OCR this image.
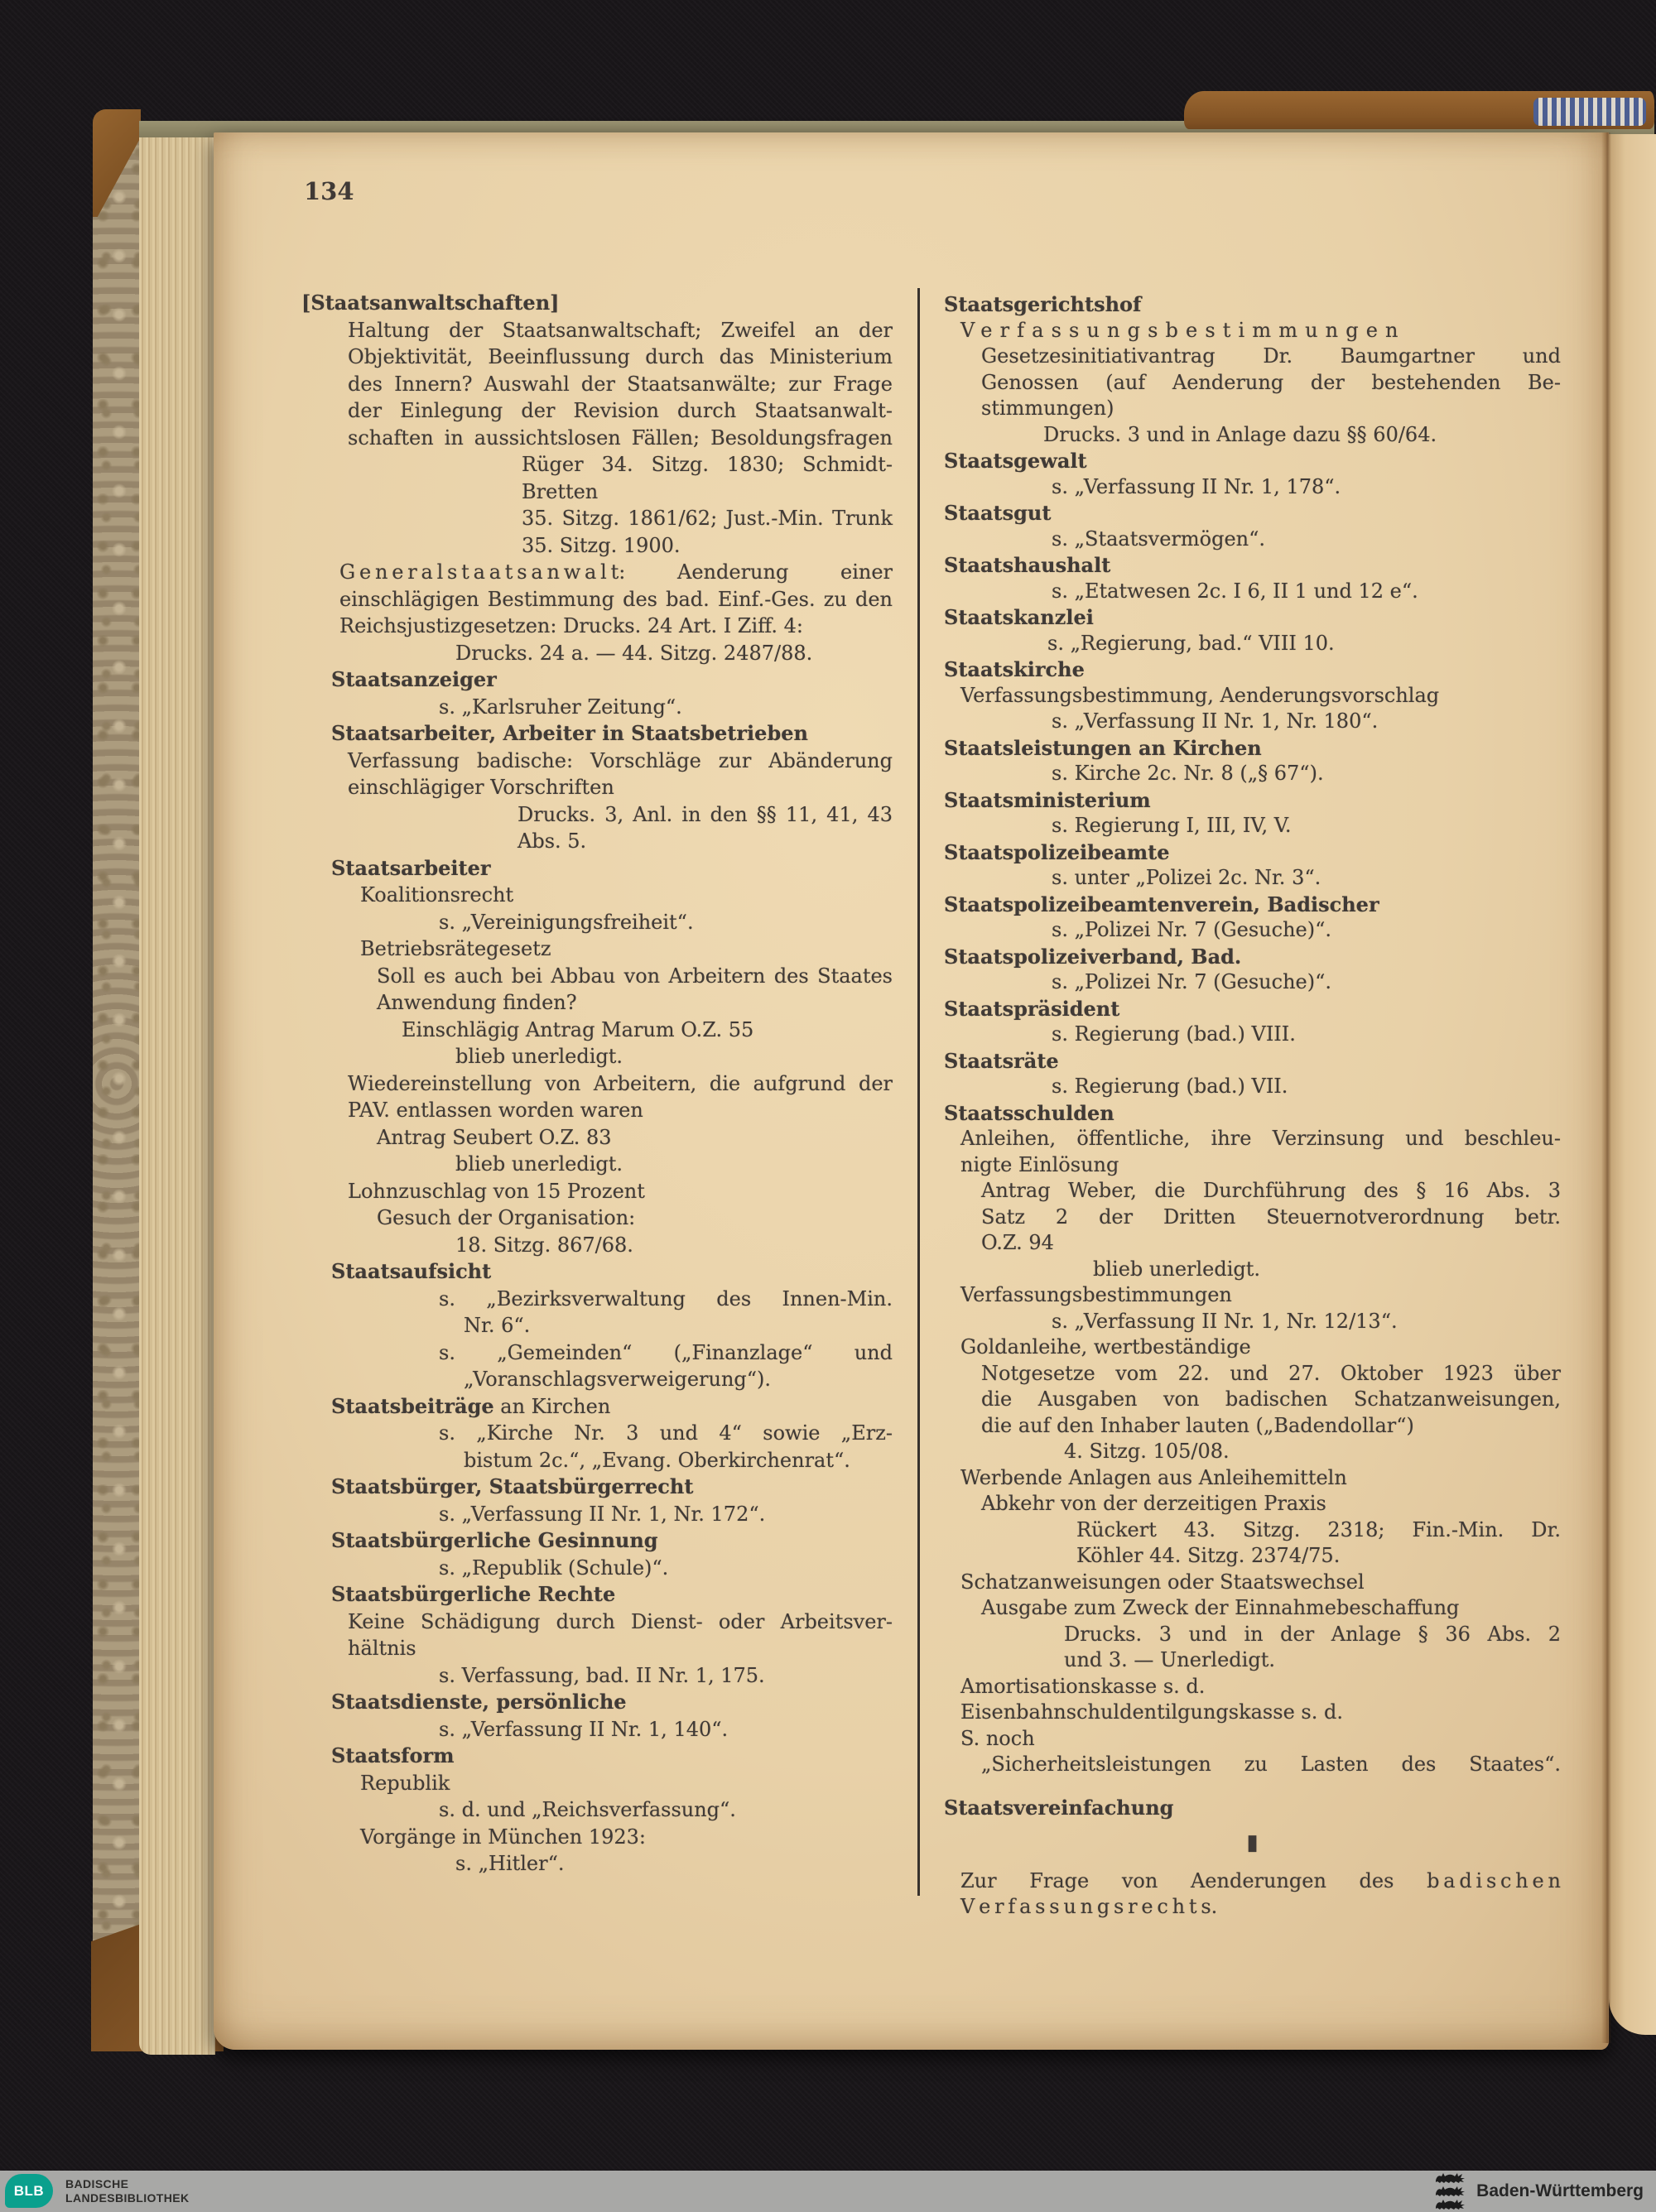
134
[Staatsanwaltschaften]
Haltung der Staatsanwaltschaft; Zweifel an der
Objektivität, Beeinflussung durch das Ministerium
des Innern? Auswahl der Staatsanwälte; zur Frage
der Einlegung der Revision durch Staatsanwalt-
schaften in aussichtslosen Fällen; Besoldungsfragen
Rüger 34. Sitzg. 1830; Schmidt-Bretten
35. Sitzg. 1861/62; Just.-Min. Trunk
35. Sitzg. 1900.
G e n e r a l s t a a t s a n w a l t: Aenderung einer
einschlägigen Bestimmung des bad. Einf.-Ges. zu den
Reichsjustizgesetzen: Drucks. 24 Art. I Ziff. 4:
Drucks. 24 a. — 44. Sitzg. 2487/88.
Staatsanzeiger
s. „Karlsruher Zeitung“.
Staatsarbeiter, Arbeiter in Staatsbetrieben
Verfassung badische: Vorschläge zur Abänderung
einschlägiger Vorschriften
Drucks. 3, Anl. in den §§ 11, 41, 43
Abs. 5.
Staatsarbeiter
Koalitionsrecht
s. „Vereinigungsfreiheit“.
Betriebsrätegesetz
Soll es auch bei Abbau von Arbeitern des Staates
Anwendung finden?
Einschlägig Antrag Marum O.Z. 55
blieb unerledigt.
Wiedereinstellung von Arbeitern, die aufgrund der
PAV. entlassen worden waren
Antrag Seubert O.Z. 83
blieb unerledigt.
Lohnzuschlag von 15 Prozent
Gesuch der Organisation:
18. Sitzg. 867/68.
Staatsaufsicht
s. „Bezirksverwaltung des Innen-Min.
Nr. 6“.
s. „Gemeinden“ („Finanzlage“ und
„Voranschlagsverweigerung“).
Staatsbeiträge an Kirchen
s. „Kirche Nr. 3 und 4“ sowie „Erz-
bistum 2c.“, „Evang. Oberkirchenrat“.
Staatsbürger, Staatsbürgerrecht
s. „Verfassung II Nr. 1, Nr. 172“.
Staatsbürgerliche Gesinnung
s. „Republik (Schule)“.
Staatsbürgerliche Rechte
Keine Schädigung durch Dienst- oder Arbeitsver-
hältnis
s. Verfassung, bad. II Nr. 1, 175.
Staatsdienste, persönliche
s. „Verfassung II Nr. 1, 140“.
Staatsform
Republik
s. d. und „Reichsverfassung“.
Vorgänge in München 1923:
s. „Hitler“.
Staatsgerichtshof
Verfassungsbestimmungen
Gesetzesinitiativantrag Dr. Baumgartner und
Genossen (auf Aenderung der bestehenden Be-
stimmungen)
Drucks. 3 und in Anlage dazu §§ 60/64.
Staatsgewalt
s. „Verfassung II Nr. 1, 178“.
Staatsgut
s. „Staatsvermögen“.
Staatshaushalt
s. „Etatwesen 2c. I 6, II 1 und 12 e“.
Staatskanzlei
s. „Regierung, bad.“ VIII 10.
Staatskirche
Verfassungsbestimmung, Aenderungsvorschlag
s. „Verfassung II Nr. 1, Nr. 180“.
Staatsleistungen an Kirchen
s. Kirche 2c. Nr. 8 („§ 67“).
Staatsministerium
s. Regierung I, III, IV, V.
Staatspolizeibeamte
s. unter „Polizei 2c. Nr. 3“.
Staatspolizeibeamtenverein, Badischer
s. „Polizei Nr. 7 (Gesuche)“.
Staatspolizeiverband, Bad.
s. „Polizei Nr. 7 (Gesuche)“.
Staatspräsident
s. Regierung (bad.) VIII.
Staatsräte
s. Regierung (bad.) VII.
Staatsschulden
Anleihen, öffentliche, ihre Verzinsung und beschleu-
nigte Einlösung
Antrag Weber, die Durchführung des § 16 Abs. 3
Satz 2 der Dritten Steuernotverordnung betr.
O.Z. 94
blieb unerledigt.
Verfassungsbestimmungen
s. „Verfassung II Nr. 1, Nr. 12/13“.
Goldanleihe, wertbeständige
Notgesetze vom 22. und 27. Oktober 1923 über
die Ausgaben von badischen Schatzanweisungen,
die auf den Inhaber lauten („Badendollar“)
4. Sitzg. 105/08.
Werbende Anlagen aus Anleihemitteln
Abkehr von der derzeitigen Praxis
Rückert 43. Sitzg. 2318; Fin.-Min. Dr.
Köhler 44. Sitzg. 2374/75.
Schatzanweisungen oder Staatswechsel
Ausgabe zum Zweck der Einnahmebeschaffung
Drucks. 3 und in der Anlage § 36 Abs. 2
und 3. — Unerledigt.
Amortisationskasse s. d.
Eisenbahnschuldentilgungskasse s. d.
S. noch
„Sicherheitsleistungen zu Lasten des Staates“.
Staatsvereinfachung
▮
Zur Frage von Aenderungen des b a d i s c h e n
V e r f a s s u n g s r e c h t s.
BLB BADISCHE
LANDESBIBLIOTHEK	Baden-Württemberg
